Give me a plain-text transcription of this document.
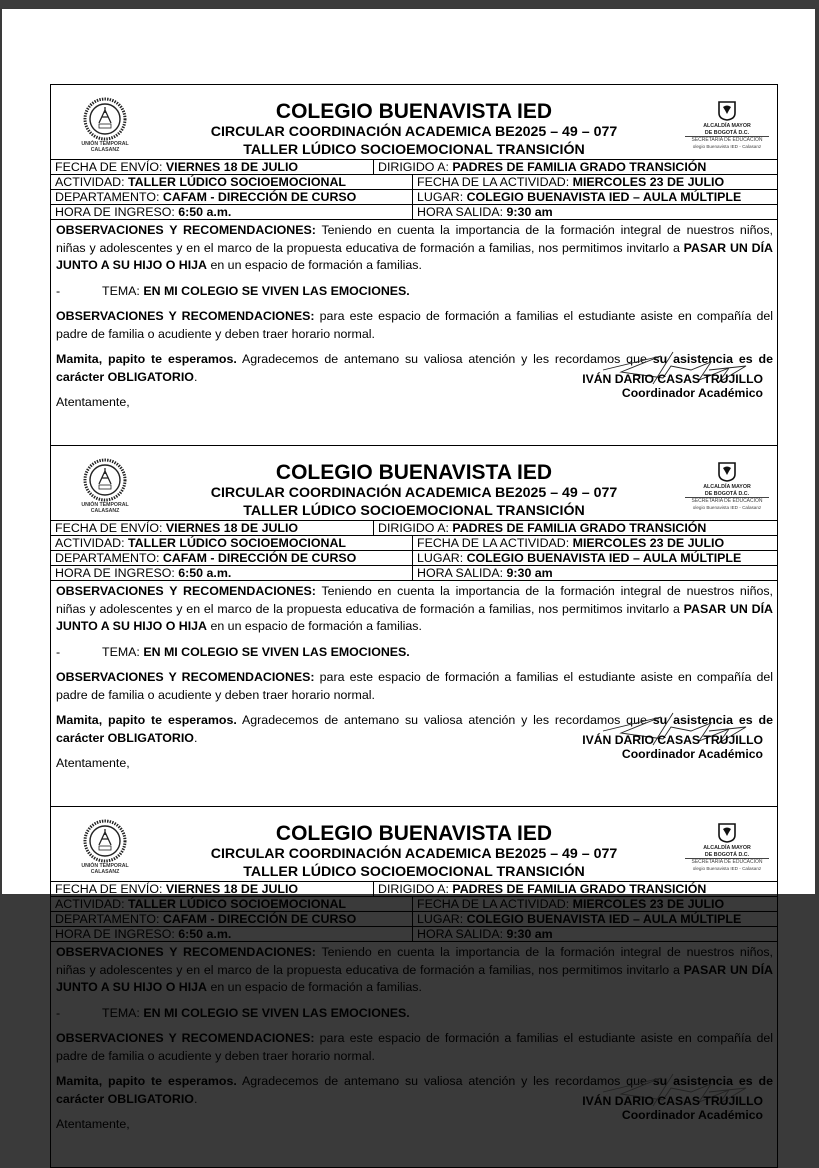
UNIÓN TEMPORAL
CALASANZ
COLEGIO BUENAVISTA IED
CIRCULAR COORDINACIÓN ACADEMICA BE2025 – 49 – 077
TALLER LÚDICO SOCIOEMOCIONAL TRANSICIÓN
ALCALDÍA MAYOR
DE BOGOTÁ D.C.
SECRETARÍA DE EDUCACIÓN
olegio Buenavista IED - Calasanz
FECHA DE ENVÍO: VIERNES 18 DE JULIO	DIRIGIDO A: PADRES DE FAMILIA GRADO TRANSICIÓN
ACTIVIDAD: TALLER LÚDICO SOCIOEMOCIONAL	FECHA DE LA ACTIVIDAD: MIERCOLES 23 DE JULIO
DEPARTAMENTO: CAFAM - DIRECCIÓN DE CURSO	LUGAR: COLEGIO BUENAVISTA IED – AULA MÚLTIPLE
HORA DE INGRESO: 6:50 a.m.	HORA SALIDA: 9:30 am

OBSERVACIONES Y RECOMENDACIONES: Teniendo en cuenta la importancia de la formación integral de nuestros niños, niñas y adolescentes y en el marco de la propuesta educativa de formación a familias, nos permitimos invitarlo a PASAR UN DÍA JUNTO A SU HIJO O HIJA en un espacio de formación a familias.

-	TEMA: EN MI COLEGIO SE VIVEN LAS EMOCIONES.

OBSERVACIONES Y RECOMENDACIONES: para este espacio de formación a familias el estudiante asiste en compañía del padre de familia o acudiente y deben traer horario normal.

Mamita, papito te esperamos. Agradecemos de antemano su valiosa atención y les recordamos que su asistencia es de carácter OBLIGATORIO.

Atentamente,
IVÁN DARIO CASAS TRUJILLO
Coordinador Académico
UNIÓN TEMPORAL
CALASANZ
COLEGIO BUENAVISTA IED
CIRCULAR COORDINACIÓN ACADEMICA BE2025 – 49 – 077
TALLER LÚDICO SOCIOEMOCIONAL TRANSICIÓN
ALCALDÍA MAYOR
DE BOGOTÁ D.C.
SECRETARÍA DE EDUCACIÓN
olegio Buenavista IED - Calasanz
FECHA DE ENVÍO: VIERNES 18 DE JULIO	DIRIGIDO A: PADRES DE FAMILIA GRADO TRANSICIÓN
ACTIVIDAD: TALLER LÚDICO SOCIOEMOCIONAL	FECHA DE LA ACTIVIDAD: MIERCOLES 23 DE JULIO
DEPARTAMENTO: CAFAM - DIRECCIÓN DE CURSO	LUGAR: COLEGIO BUENAVISTA IED – AULA MÚLTIPLE
HORA DE INGRESO: 6:50 a.m.	HORA SALIDA: 9:30 am

OBSERVACIONES Y RECOMENDACIONES: Teniendo en cuenta la importancia de la formación integral de nuestros niños, niñas y adolescentes y en el marco de la propuesta educativa de formación a familias, nos permitimos invitarlo a PASAR UN DÍA JUNTO A SU HIJO O HIJA en un espacio de formación a familias.

-	TEMA: EN MI COLEGIO SE VIVEN LAS EMOCIONES.

OBSERVACIONES Y RECOMENDACIONES: para este espacio de formación a familias el estudiante asiste en compañía del padre de familia o acudiente y deben traer horario normal.

Mamita, papito te esperamos. Agradecemos de antemano su valiosa atención y les recordamos que su asistencia es de carácter OBLIGATORIO.

Atentamente,
IVÁN DARIO CASAS TRUJILLO
Coordinador Académico
UNIÓN TEMPORAL
CALASANZ
COLEGIO BUENAVISTA IED
CIRCULAR COORDINACIÓN ACADEMICA BE2025 – 49 – 077
TALLER LÚDICO SOCIOEMOCIONAL TRANSICIÓN
ALCALDÍA MAYOR
DE BOGOTÁ D.C.
SECRETARÍA DE EDUCACIÓN
olegio Buenavista IED - Calasanz
FECHA DE ENVÍO: VIERNES 18 DE JULIO	DIRIGIDO A: PADRES DE FAMILIA GRADO TRANSICIÓN
ACTIVIDAD: TALLER LÚDICO SOCIOEMOCIONAL	FECHA DE LA ACTIVIDAD: MIERCOLES 23 DE JULIO
DEPARTAMENTO: CAFAM - DIRECCIÓN DE CURSO	LUGAR: COLEGIO BUENAVISTA IED – AULA MÚLTIPLE
HORA DE INGRESO: 6:50 a.m.	HORA SALIDA: 9:30 am

OBSERVACIONES Y RECOMENDACIONES: Teniendo en cuenta la importancia de la formación integral de nuestros niños, niñas y adolescentes y en el marco de la propuesta educativa de formación a familias, nos permitimos invitarlo a PASAR UN DÍA JUNTO A SU HIJO O HIJA en un espacio de formación a familias.

-	TEMA: EN MI COLEGIO SE VIVEN LAS EMOCIONES.

OBSERVACIONES Y RECOMENDACIONES: para este espacio de formación a familias el estudiante asiste en compañía del padre de familia o acudiente y deben traer horario normal.

Mamita, papito te esperamos. Agradecemos de antemano su valiosa atención y les recordamos que su asistencia es de carácter OBLIGATORIO.

Atentamente,
IVÁN DARIO CASAS TRUJILLO
Coordinador Académico
